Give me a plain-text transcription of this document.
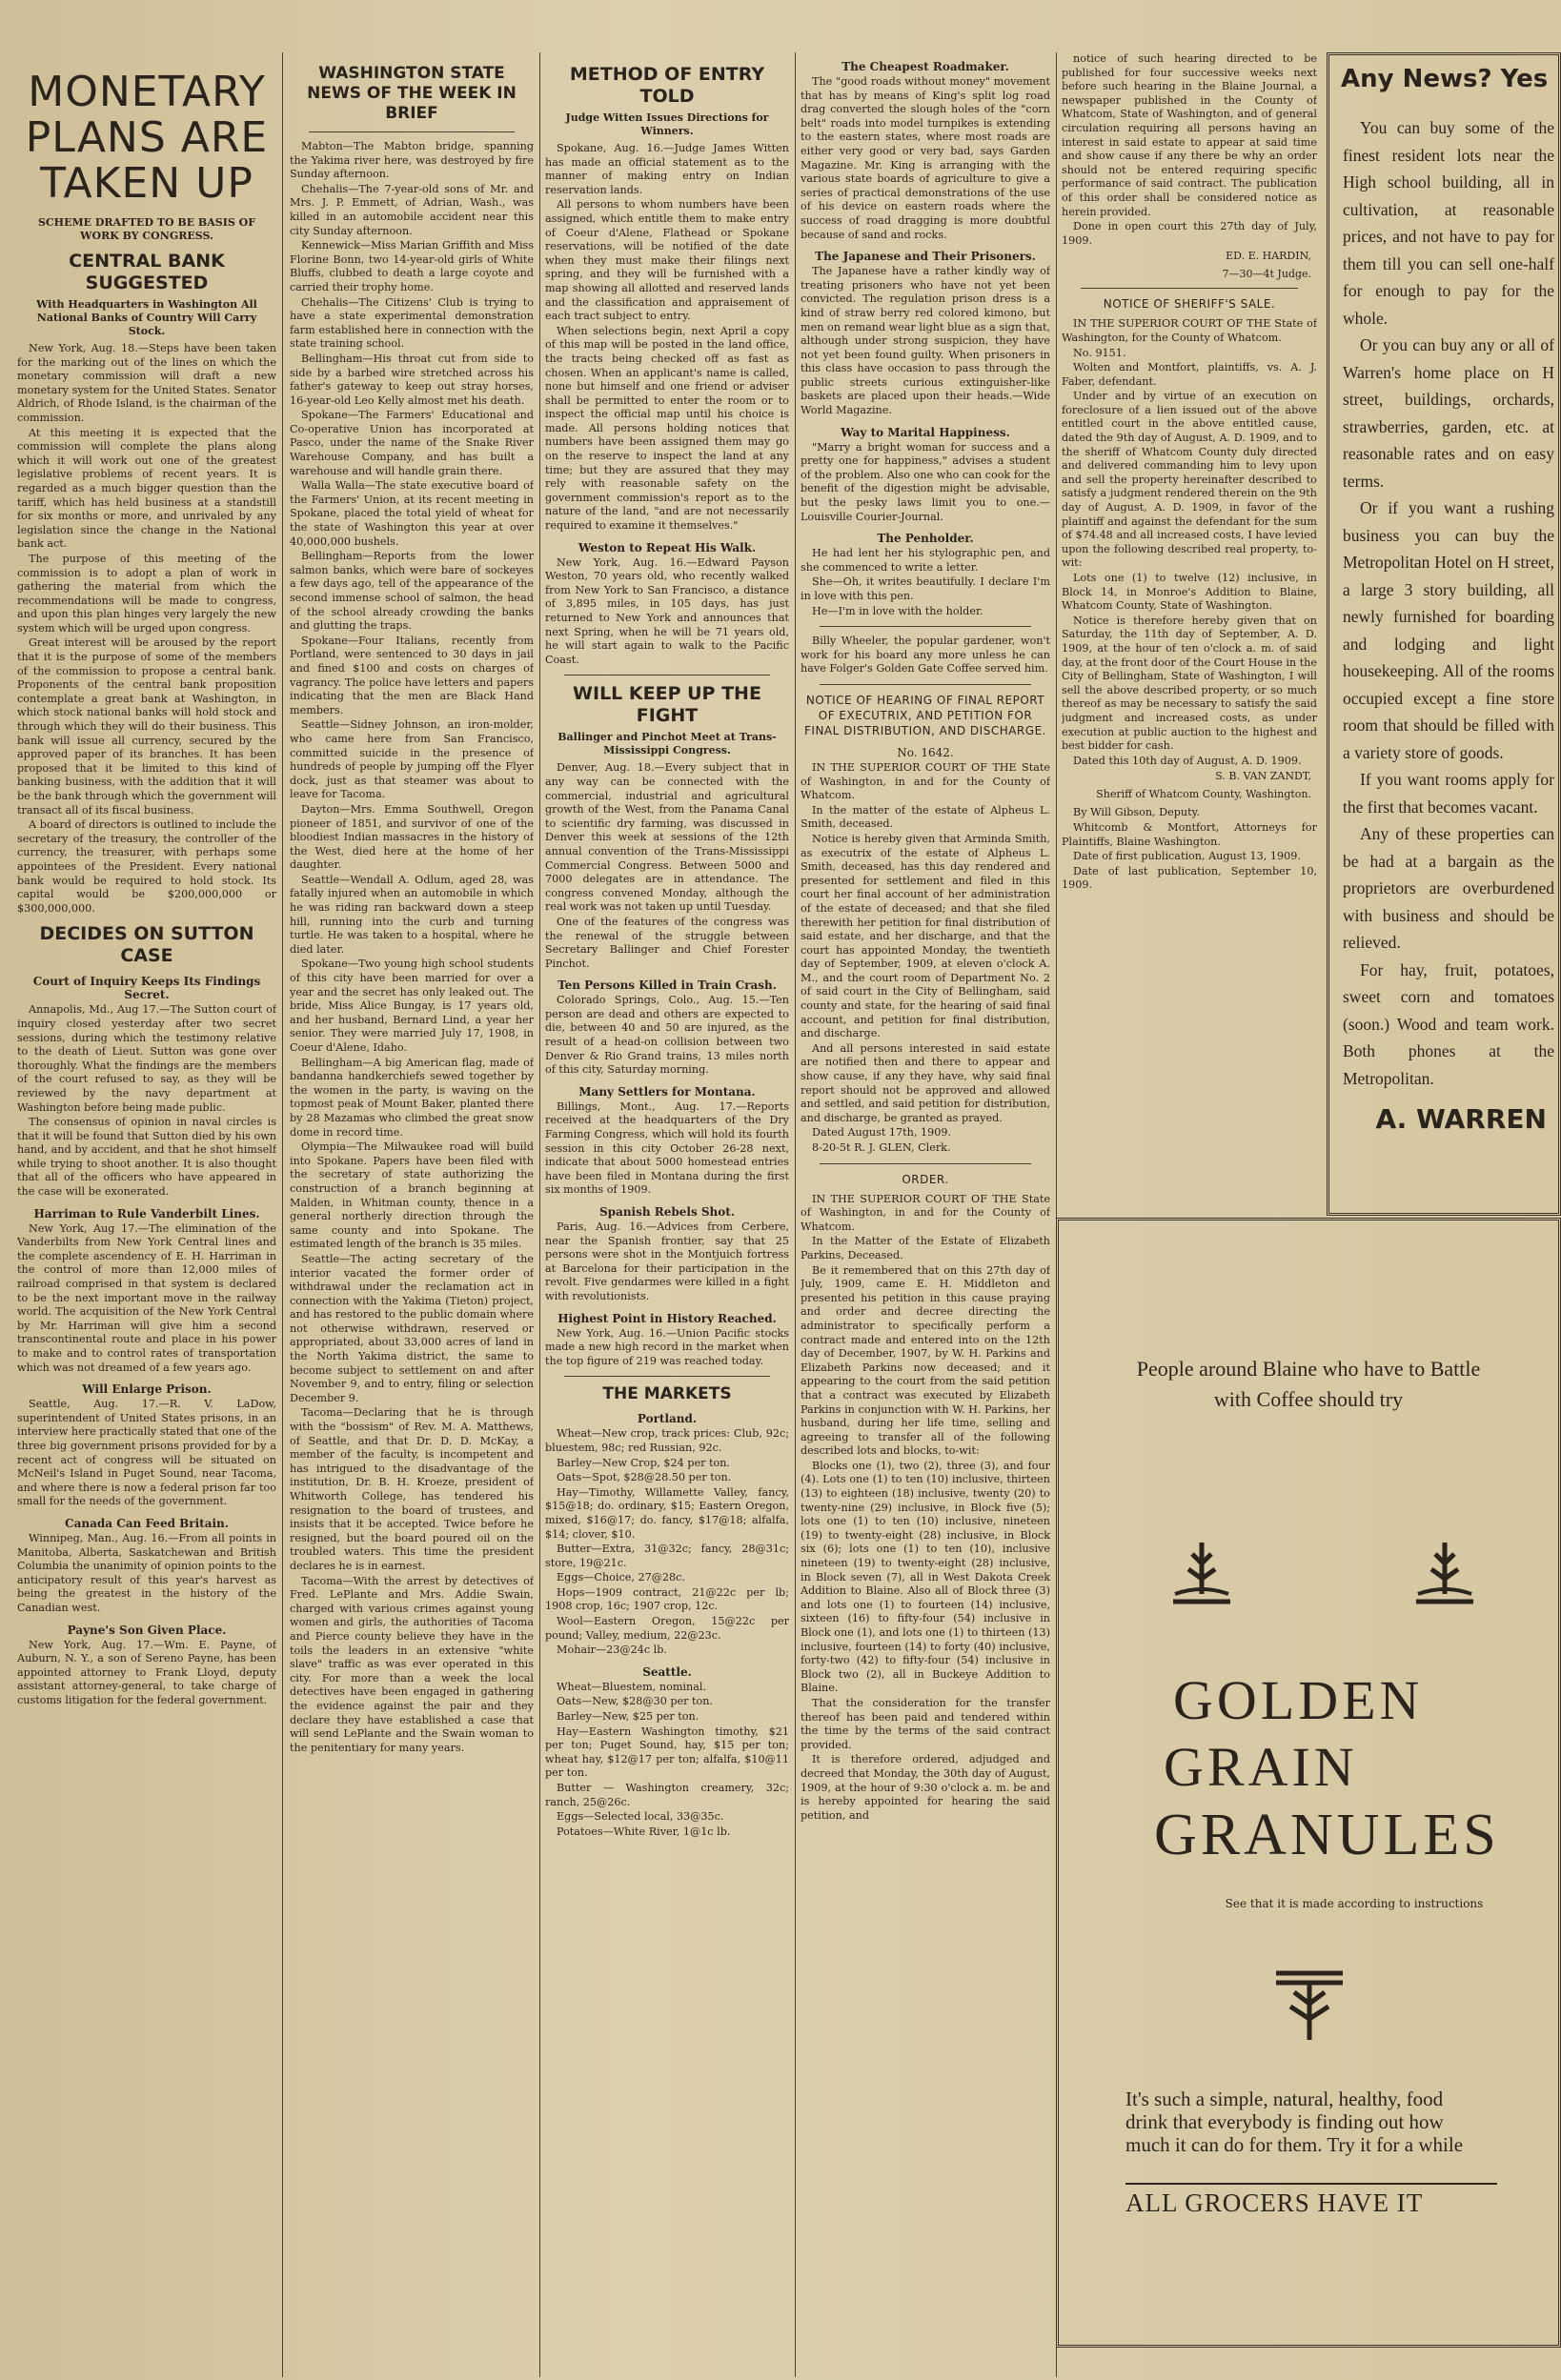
MONETARY PLANS ARE TAKEN UP
SCHEME DRAFTED TO BE BASIS OF WORK BY CONGRESS.
CENTRAL BANK SUGGESTED
With Headquarters in Washington All National Banks of Country Will Carry Stock.

New York, Aug. 18.—Steps have been taken for the marking out of the lines on which the monetary commission will draft a new monetary system for the United States. Senator Aldrich, of Rhode Island, is the chairman of the commission.

At this meeting it is expected that the commission will complete the plans along which it will work out one of the greatest legislative problems of recent years. It is regarded as a much bigger question than the tariff, which has held business at a standstill for six months or more, and unrivaled by any legislation since the change in the National bank act.

The purpose of this meeting of the commission is to adopt a plan of work in gathering the material from which the recommendations will be made to congress, and upon this plan hinges very largely the new system which will be urged upon congress.

Great interest will be aroused by the report that it is the purpose of some of the members of the commission to propose a central bank. Proponents of the central bank proposition contemplate a great bank at Washington, in which stock national banks will hold stock and through which they will do their business. This bank will issue all currency, secured by the approved paper of its branches. It has been proposed that it be limited to this kind of banking business, with the addition that it will be the bank through which the government will transact all of its fiscal business.

A board of directors is outlined to include the secretary of the treasury, the controller of the currency, the treasurer, with perhaps some appointees of the President. Every national bank would be required to hold stock. Its capital would be $200,000,000 or $300,000,000.

DECIDES ON SUTTON CASE
Court of Inquiry Keeps Its Findings Secret.

Annapolis, Md., Aug 17.—The Sutton court of inquiry closed yesterday after two secret sessions, during which the testimony relative to the death of Lieut. Sutton was gone over thoroughly. What the findings are the members of the court refused to say, as they will be reviewed by the navy department at Washington before being made public.

The consensus of opinion in naval circles is that it will be found that Sutton died by his own hand, and by accident, and that he shot himself while trying to shoot another. It is also thought that all of the officers who have appeared in the case will be exonerated.

Harriman to Rule Vanderbilt Lines.

New York, Aug 17.—The elimination of the Vanderbilts from New York Central lines and the complete ascendency of E. H. Harriman in the control of more than 12,000 miles of railroad comprised in that system is declared to be the next important move in the railway world. The acquisition of the New York Central by Mr. Harriman will give him a second transcontinental route and place in his power to make and to control rates of transportation which was not dreamed of a few years ago.

Will Enlarge Prison.

Seattle, Aug. 17.—R. V. LaDow, superintendent of United States prisons, in an interview here practically stated that one of the three big government prisons provided for by a recent act of congress will be situated on McNeil's Island in Puget Sound, near Tacoma, and where there is now a federal prison far too small for the needs of the government.

Canada Can Feed Britain.

Winnipeg, Man., Aug. 16.—From all points in Manitoba, Alberta, Saskatchewan and British Columbia the unanimity of opinion points to the anticipatory result of this year's harvest as being the greatest in the history of the Canadian west.

Payne's Son Given Place.

New York, Aug. 17.—Wm. E. Payne, of Auburn, N. Y., a son of Sereno Payne, has been appointed attorney to Frank Lloyd, deputy assistant attorney-general, to take charge of customs litigation for the federal government.

WASHINGTON STATE NEWS OF THE WEEK IN BRIEF

Mabton—The Mabton bridge, spanning the Yakima river here, was destroyed by fire Sunday afternoon.

Chehalis—The 7-year-old sons of Mr. and Mrs. J. P. Emmett, of Adrian, Wash., was killed in an automobile accident near this city Sunday afternoon.

Kennewick—Miss Marian Griffith and Miss Florine Bonn, two 14-year-old girls of White Bluffs, clubbed to death a large coyote and carried their trophy home.

Chehalis—The Citizens' Club is trying to have a state experimental demonstration farm established here in connection with the state training school.

Bellingham—His throat cut from side to side by a barbed wire stretched across his father's gateway to keep out stray horses, 16-year-old Leo Kelly almost met his death.

Spokane—The Farmers' Educational and Co-operative Union has incorporated at Pasco, under the name of the Snake River Warehouse Company, and has built a warehouse and will handle grain there.

Walla Walla—The state executive board of the Farmers' Union, at its recent meeting in Spokane, placed the total yield of wheat for the state of Washington this year at over 40,000,000 bushels.

Bellingham—Reports from the lower salmon banks, which were bare of sockeyes a few days ago, tell of the appearance of the second immense school of salmon, the head of the school already crowding the banks and glutting the traps.

Spokane—Four Italians, recently from Portland, were sentenced to 30 days in jail and fined $100 and costs on charges of vagrancy. The police have letters and papers indicating that the men are Black Hand members.

Seattle—Sidney Johnson, an iron-molder, who came here from San Francisco, committed suicide in the presence of hundreds of people by jumping off the Flyer dock, just as that steamer was about to leave for Tacoma.

Dayton—Mrs. Emma Southwell, Oregon pioneer of 1851, and survivor of one of the bloodiest Indian massacres in the history of the West, died here at the home of her daughter.

Seattle—Wendall A. Odlum, aged 28, was fatally injured when an automobile in which he was riding ran backward down a steep hill, running into the curb and turning turtle. He was taken to a hospital, where he died later.

Spokane—Two young high school students of this city have been married for over a year and the secret has only leaked out. The bride, Miss Alice Bungay, is 17 years old, and her husband, Bernard Lind, a year her senior. They were married July 17, 1908, in Coeur d'Alene, Idaho.

Bellingham—A big American flag, made of bandanna handkerchiefs sewed together by the women in the party, is waving on the topmost peak of Mount Baker, planted there by 28 Mazamas who climbed the great snow dome in record time.

Olympia—The Milwaukee road will build into Spokane. Papers have been filed with the secretary of state authorizing the construction of a branch beginning at Malden, in Whitman county, thence in a general northerly direction through the same county and into Spokane. The estimated length of the branch is 35 miles.

Seattle—The acting secretary of the interior vacated the former order of withdrawal under the reclamation act in connection with the Yakima (Tieton) project, and has restored to the public domain where not otherwise withdrawn, reserved or appropriated, about 33,000 acres of land in the North Yakima district, the same to become subject to settlement on and after November 9, and to entry, filing or selection December 9.

Tacoma—Declaring that he is through with the "bossism" of Rev. M. A. Matthews, of Seattle, and that Dr. D. D. McKay, a member of the faculty, is incompetent and has intrigued to the disadvantage of the institution, Dr. B. H. Kroeze, president of Whitworth College, has tendered his resignation to the board of trustees, and insists that it be accepted. Twice before he resigned, but the board poured oil on the troubled waters. This time the president declares he is in earnest.

Tacoma—With the arrest by detectives of Fred. LePlante and Mrs. Addie Swain, charged with various crimes against young women and girls, the authorities of Tacoma and Pierce county believe they have in the toils the leaders in an extensive "white slave" traffic as was ever operated in this city. For more than a week the local detectives have been engaged in gathering the evidence against the pair and they declare they have established a case that will send LePlante and the Swain woman to the penitentiary for many years.

METHOD OF ENTRY TOLD
Judge Witten Issues Directions for Winners.

Spokane, Aug. 16.—Judge James Witten has made an official statement as to the manner of making entry on Indian reservation lands.

All persons to whom numbers have been assigned, which entitle them to make entry of Coeur d'Alene, Flathead or Spokane reservations, will be notified of the date when they must make their filings next spring, and they will be furnished with a map showing all allotted and reserved lands and the classification and appraisement of each tract subject to entry.

When selections begin, next April a copy of this map will be posted in the land office, the tracts being checked off as fast as chosen. When an applicant's name is called, none but himself and one friend or adviser shall be permitted to enter the room or to inspect the official map until his choice is made. All persons holding notices that numbers have been assigned them may go on the reserve to inspect the land at any time; but they are assured that they may rely with reasonable safety on the government commission's report as to the nature of the land, "and are not necessarily required to examine it themselves."

Weston to Repeat His Walk.

New York, Aug. 16.—Edward Payson Weston, 70 years old, who recently walked from New York to San Francisco, a distance of 3,895 miles, in 105 days, has just returned to New York and announces that next Spring, when he will be 71 years old, he will start again to walk to the Pacific Coast.

WILL KEEP UP THE FIGHT
Ballinger and Pinchot Meet at Trans-Mississippi Congress.

Denver, Aug. 18.—Every subject that in any way can be connected with the commercial, industrial and agricultural growth of the West, from the Panama Canal to scientific dry farming, was discussed in Denver this week at sessions of the 12th annual convention of the Trans-Mississippi Commercial Congress. Between 5000 and 7000 delegates are in attendance. The congress convened Monday, although the real work was not taken up until Tuesday.

One of the features of the congress was the renewal of the struggle between Secretary Ballinger and Chief Forester Pinchot.

Ten Persons Killed in Train Crash.

Colorado Springs, Colo., Aug. 15.—Ten person are dead and others are expected to die, between 40 and 50 are injured, as the result of a head-on collision between two Denver & Rio Grand trains, 13 miles north of this city, Saturday morning.

Many Settlers for Montana.

Billings, Mont., Aug. 17.—Reports received at the headquarters of the Dry Farming Congress, which will hold its fourth session in this city October 26-28 next, indicate that about 5000 homestead entries have been filed in Montana during the first six months of 1909.

Spanish Rebels Shot.

Paris, Aug. 16.—Advices from Cerbere, near the Spanish frontier, say that 25 persons were shot in the Montjuich fortress at Barcelona for their participation in the revolt. Five gendarmes were killed in a fight with revolutionists.

Highest Point in History Reached.

New York, Aug. 16.—Union Pacific stocks made a new high record in the market when the top figure of 219 was reached today.

THE MARKETS
Portland.

Wheat—New crop, track prices: Club, 92c; bluestem, 98c; red Russian, 92c.

Barley—New Crop, $24 per ton.

Oats—Spot, $28@28.50 per ton.

Hay—Timothy, Willamette Valley, fancy, $15@18; do. ordinary, $15; Eastern Oregon, mixed, $16@17; do. fancy, $17@18; alfalfa, $14; clover, $10.

Butter—Extra, 31@32c; fancy, 28@31c; store, 19@21c.

Eggs—Choice, 27@28c.

Hops—1909 contract, 21@22c per lb; 1908 crop, 16c; 1907 crop, 12c.

Wool—Eastern Oregon, 15@22c per pound; Valley, medium, 22@23c.

Mohair—23@24c lb.

Seattle.

Wheat—Bluestem, nominal.

Oats—New, $28@30 per ton.

Barley—New, $25 per ton.

Hay—Eastern Washington timothy, $21 per ton; Puget Sound, hay, $15 per ton; wheat hay, $12@17 per ton; alfalfa, $10@11 per ton.

Butter — Washington creamery, 32c; ranch, 25@26c.

Eggs—Selected local, 33@35c.

Potatoes—White River, 1@1c lb.

The Cheapest Roadmaker.

The "good roads without money" movement that has by means of King's split log road drag converted the slough holes of the "corn belt" roads into model turnpikes is extending to the eastern states, where most roads are either very good or very bad, says Garden Magazine. Mr. King is arranging with the various state boards of agriculture to give a series of practical demonstrations of the use of his device on eastern roads where the success of road dragging is more doubtful because of sand and rocks.

The Japanese and Their Prisoners.

The Japanese have a rather kindly way of treating prisoners who have not yet been convicted. The regulation prison dress is a kind of straw berry red colored kimono, but men on remand wear light blue as a sign that, although under strong suspicion, they have not yet been found guilty. When prisoners in this class have occasion to pass through the public streets curious extinguisher-like baskets are placed upon their heads.—Wide World Magazine.

Way to Marital Happiness.

"Marry a bright woman for success and a pretty one for happiness," advises a student of the problem. Also one who can cook for the benefit of the digestion might be advisable, but the pesky laws limit you to one.—Louisville Courier-Journal.

The Penholder.

He had lent her his stylographic pen, and she commenced to write a letter.

She—Oh, it writes beautifully. I declare I'm in love with this pen.

He—I'm in love with the holder.

Billy Wheeler, the popular gardener, won't work for his board any more unless he can have Folger's Golden Gate Coffee served him.

NOTICE OF HEARING OF FINAL REPORT OF EXECUTRIX, AND PETITION FOR FINAL DISTRIBUTION, AND DISCHARGE.
No. 1642.

IN THE SUPERIOR COURT OF THE State of Washington, in and for the County of Whatcom.

In the matter of the estate of Alpheus L. Smith, deceased.

Notice is hereby given that Arminda Smith, as executrix of the estate of Alpheus L. Smith, deceased, has this day rendered and presented for settlement and filed in this court her final account of her administration of the estate of deceased; and that she filed therewith her petition for final distribution of said estate, and her discharge, and that the court has appointed Monday, the twentieth day of September, 1909, at eleven o'clock A. M., and the court room of Department No. 2 of said court in the City of Bellingham, said county and state, for the hearing of said final account, and petition for final distribution, and discharge.

And all persons interested in said estate are notified then and there to appear and show cause, if any they have, why said final report should not be approved and allowed and settled, and said petition for distribution, and discharge, be granted as prayed.

Dated August 17th, 1909.

8-20-5t R. J. GLEN, Clerk.

ORDER.

IN THE SUPERIOR COURT OF THE State of Washington, in and for the County of Whatcom.

In the Matter of the Estate of Elizabeth Parkins, Deceased.

Be it remembered that on this 27th day of July, 1909, came E. H. Middleton and presented his petition in this cause praying and order and decree directing the administrator to specifically perform a contract made and entered into on the 12th day of December, 1907, by W. H. Parkins and Elizabeth Parkins now deceased; and it appearing to the court from the said petition that a contract was executed by Elizabeth Parkins in conjunction with W. H. Parkins, her husband, during her life time, selling and agreeing to transfer all of the following described lots and blocks, to-wit:

Blocks one (1), two (2), three (3), and four (4). Lots one (1) to ten (10) inclusive, thirteen (13) to eighteen (18) inclusive, twenty (20) to twenty-nine (29) inclusive, in Block five (5); lots one (1) to ten (10) inclusive, nineteen (19) to twenty-eight (28) inclusive, in Block six (6); lots one (1) to ten (10), inclusive nineteen (19) to twenty-eight (28) inclusive, in Block seven (7), all in West Dakota Creek Addition to Blaine. Also all of Block three (3) and lots one (1) to fourteen (14) inclusive, sixteen (16) to fifty-four (54) inclusive in Block one (1), and lots one (1) to thirteen (13) inclusive, fourteen (14) to forty (40) inclusive, forty-two (42) to fifty-four (54) inclusive in Block two (2), all in Buckeye Addition to Blaine.

That the consideration for the transfer thereof has been paid and tendered within the time by the terms of the said contract provided.

It is therefore ordered, adjudged and decreed that Monday, the 30th day of August, 1909, at the hour of 9:30 o'clock a. m. be and is hereby appointed for hearing the said petition, and

notice of such hearing directed to be published for four successive weeks next before such hearing in the Blaine Journal, a newspaper published in the County of Whatcom, State of Washington, and of general circulation requiring all persons having an interest in said estate to appear at said time and show cause if any there be why an order should not be entered requiring specific performance of said contract. The publication of this order shall be considered notice as herein provided.

Done in open court this 27th day of July, 1909.

ED. E. HARDIN,
7—30—4t Judge.
NOTICE OF SHERIFF'S SALE.

IN THE SUPERIOR COURT OF THE State of Washington, for the County of Whatcom.

No. 9151.

Wolten and Montfort, plaintiffs, vs. A. J. Faber, defendant.

Under and by virtue of an execution on foreclosure of a lien issued out of the above entitled court in the above entitled cause, dated the 9th day of August, A. D. 1909, and to the sheriff of Whatcom County duly directed and delivered commanding him to levy upon and sell the property hereinafter described to satisfy a judgment rendered therein on the 9th day of August, A. D. 1909, in favor of the plaintiff and against the defendant for the sum of $74.48 and all increased costs, I have levied upon the following described real property, to-wit:

Lots one (1) to twelve (12) inclusive, in Block 14, in Monroe's Addition to Blaine, Whatcom County, State of Washington.

Notice is therefore hereby given that on Saturday, the 11th day of September, A. D. 1909, at the hour of ten o'clock a. m. of said day, at the front door of the Court House in the City of Bellingham, State of Washington, I will sell the above described property, or so much thereof as may be necessary to satisfy the said judgment and increased costs, as under execution at public auction to the highest and best bidder for cash.

Dated this 10th day of August, A. D. 1909.

S. B. VAN ZANDT,
Sheriff of Whatcom County, Washington.

By Will Gibson, Deputy.

Whitcomb & Montfort, Attorneys for Plaintiffs, Blaine Washington.

Date of first publication, August 13, 1909.

Date of last publication, September 10, 1909.

Any News? Yes

You can buy some of the finest resident lots near the High school building, all in cultivation, at reasonable prices, and not have to pay for them till you can sell one-half for enough to pay for the whole.

Or you can buy any or all of Warren's home place on H street, buildings, orchards, strawberries, garden, etc. at reasonable rates and on easy terms.

Or if you want a rushing business you can buy the Metropolitan Hotel on H street, a large 3 story building, all newly furnished for boarding and lodging and light housekeeping. All of the rooms occupied except a fine store room that should be filled with a variety store of goods.

If you want rooms apply for the first that becomes vacant.

Any of these properties can be had at a bargain as the proprietors are overburdened with business and should be relieved.

For hay, fruit, potatoes, sweet corn and tomatoes (soon.) Wood and team work. Both phones at the Metropolitan.

A. WARREN
People around Blaine who have to Battle with Coffee should try
GOLDEN
GRAIN
GRANULES
See that it is made according to instructions
It's such a simple, natural, healthy, food drink that everybody is finding out how much it can do for them. Try it for a while
ALL GROCERS HAVE IT
